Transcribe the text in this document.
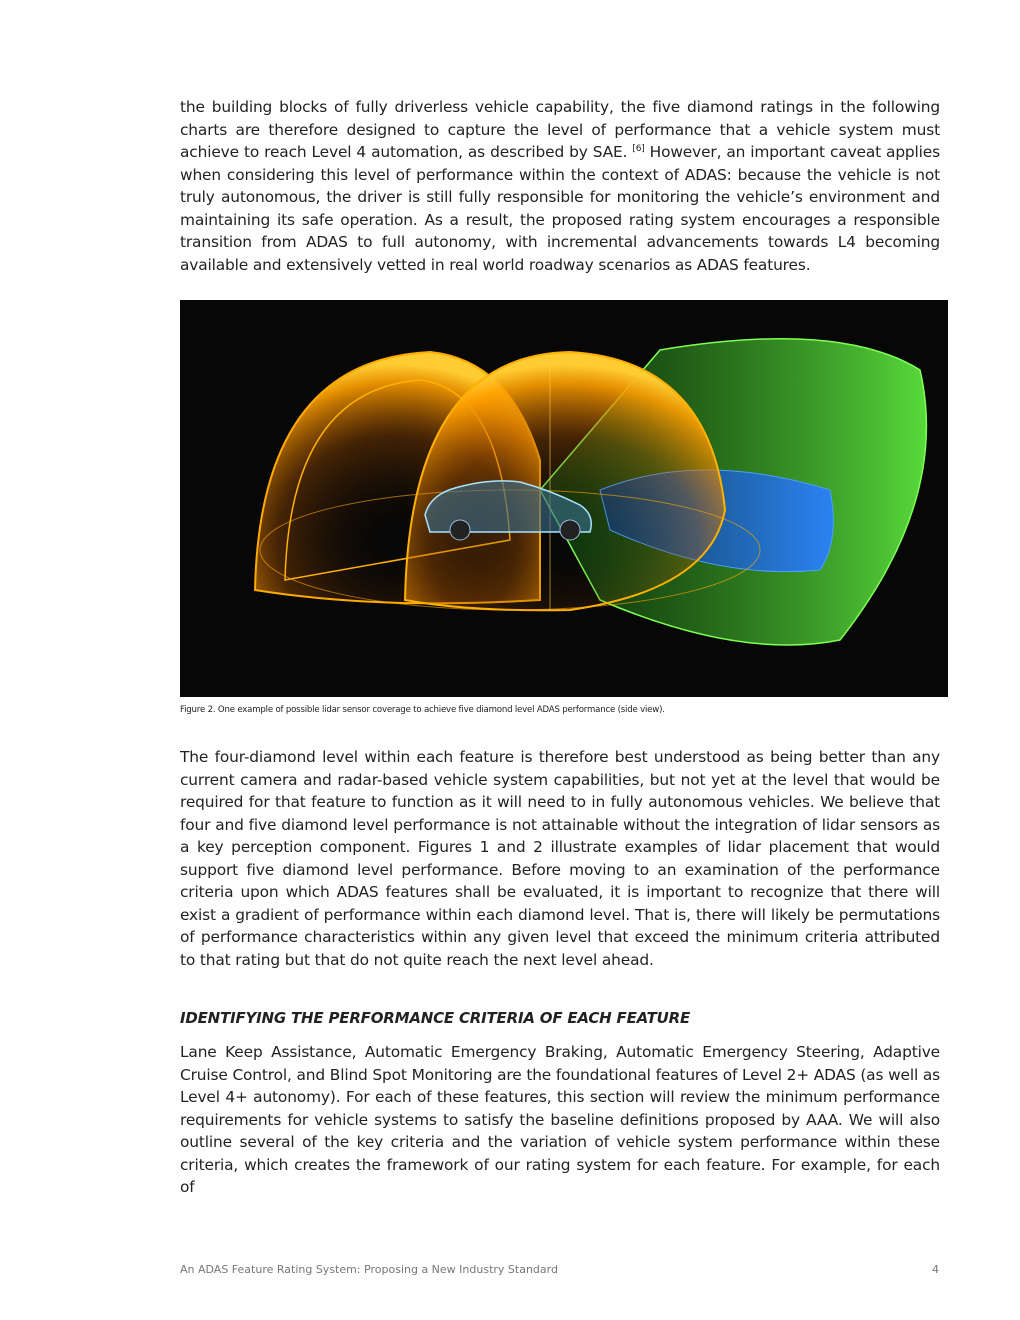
the building blocks of fully driverless vehicle capability, the five diamond ratings in the following charts are therefore designed to capture the level of performance that a vehicle system must achieve to reach Level 4 automation, as described by SAE. [6] However, an important caveat applies when considering this level of performance within the context of ADAS: because the vehicle is not truly autonomous, the driver is still fully responsible for monitoring the vehicle’s environment and maintaining its safe operation. As a result, the proposed rating system encourages a responsible transition from ADAS to full autonomy, with incremental advancements towards L4 becoming available and extensively vetted in real world roadway scenarios as ADAS features.
Figure 2. One example of possible lidar sensor coverage to achieve five diamond level ADAS performance (side view).
The four-diamond level within each feature is therefore best understood as being better than any current camera and radar-based vehicle system capabilities, but not yet at the level that would be required for that feature to function as it will need to in fully autonomous vehicles. We believe that four and five diamond level performance is not attainable without the integration of lidar sensors as a key perception component. Figures 1 and 2 illustrate examples of lidar placement that would support five diamond level performance. Before moving to an examination of the performance criteria upon which ADAS features shall be evaluated, it is important to recognize that there will exist a gradient of performance within each diamond level. That is, there will likely be permutations of performance characteristics within any given level that exceed the minimum criteria attributed to that rating but that do not quite reach the next level ahead.
IDENTIFYING THE PERFORMANCE CRITERIA OF EACH FEATURE
Lane Keep Assistance, Automatic Emergency Braking, Automatic Emergency Steering, Adaptive Cruise Control, and Blind Spot Monitoring are the foundational features of Level 2+ ADAS (as well as Level 4+ autonomy). For each of these features, this section will review the minimum performance requirements for vehicle systems to satisfy the baseline definitions proposed by AAA. We will also outline several of the key criteria and the variation of vehicle system performance within these criteria, which creates the framework of our rating system for each feature. For example, for each of
An ADAS Feature Rating System: Proposing a New Industry Standard	4
